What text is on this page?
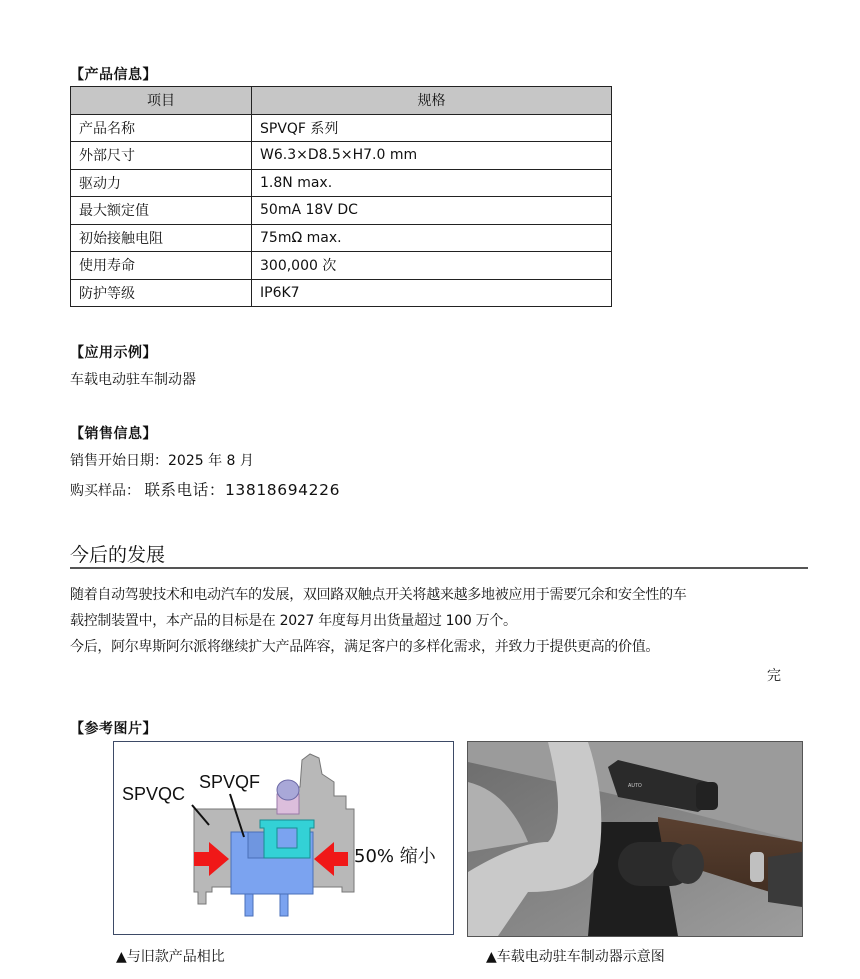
【产品信息】
项目	规格
产品名称	SPVQF 系列
外部尺寸	W6.3×D8.5×H7.0 mm
驱动力	1.8N max.
最大额定值	50mA 18V DC
初始接触电阻	75mΩ max.
使用寿命	300,000 次
防护等级	IP6K7
【应用示例】
车载电动驻车制动器
【销售信息】
销售开始日期：2025 年 8 月
购买样品： 联系电话：13818694226
今后的发展
随着自动驾驶技术和电动汽车的发展，双回路双触点开关将越来越多地被应用于需要冗余和安全性的车
载控制装置中，本产品的目标是在 2027 年度每月出货量超过 100 万个。
今后，阿尔卑斯阿尔派将继续扩大产品阵容，满足客户的多样化需求，并致力于提供更高的价值。
完
【参考图片】
SPVQC
SPVQF
50% 缩小
▲与旧款产品相比
AUTO
▲车载电动驻车制动器示意图
